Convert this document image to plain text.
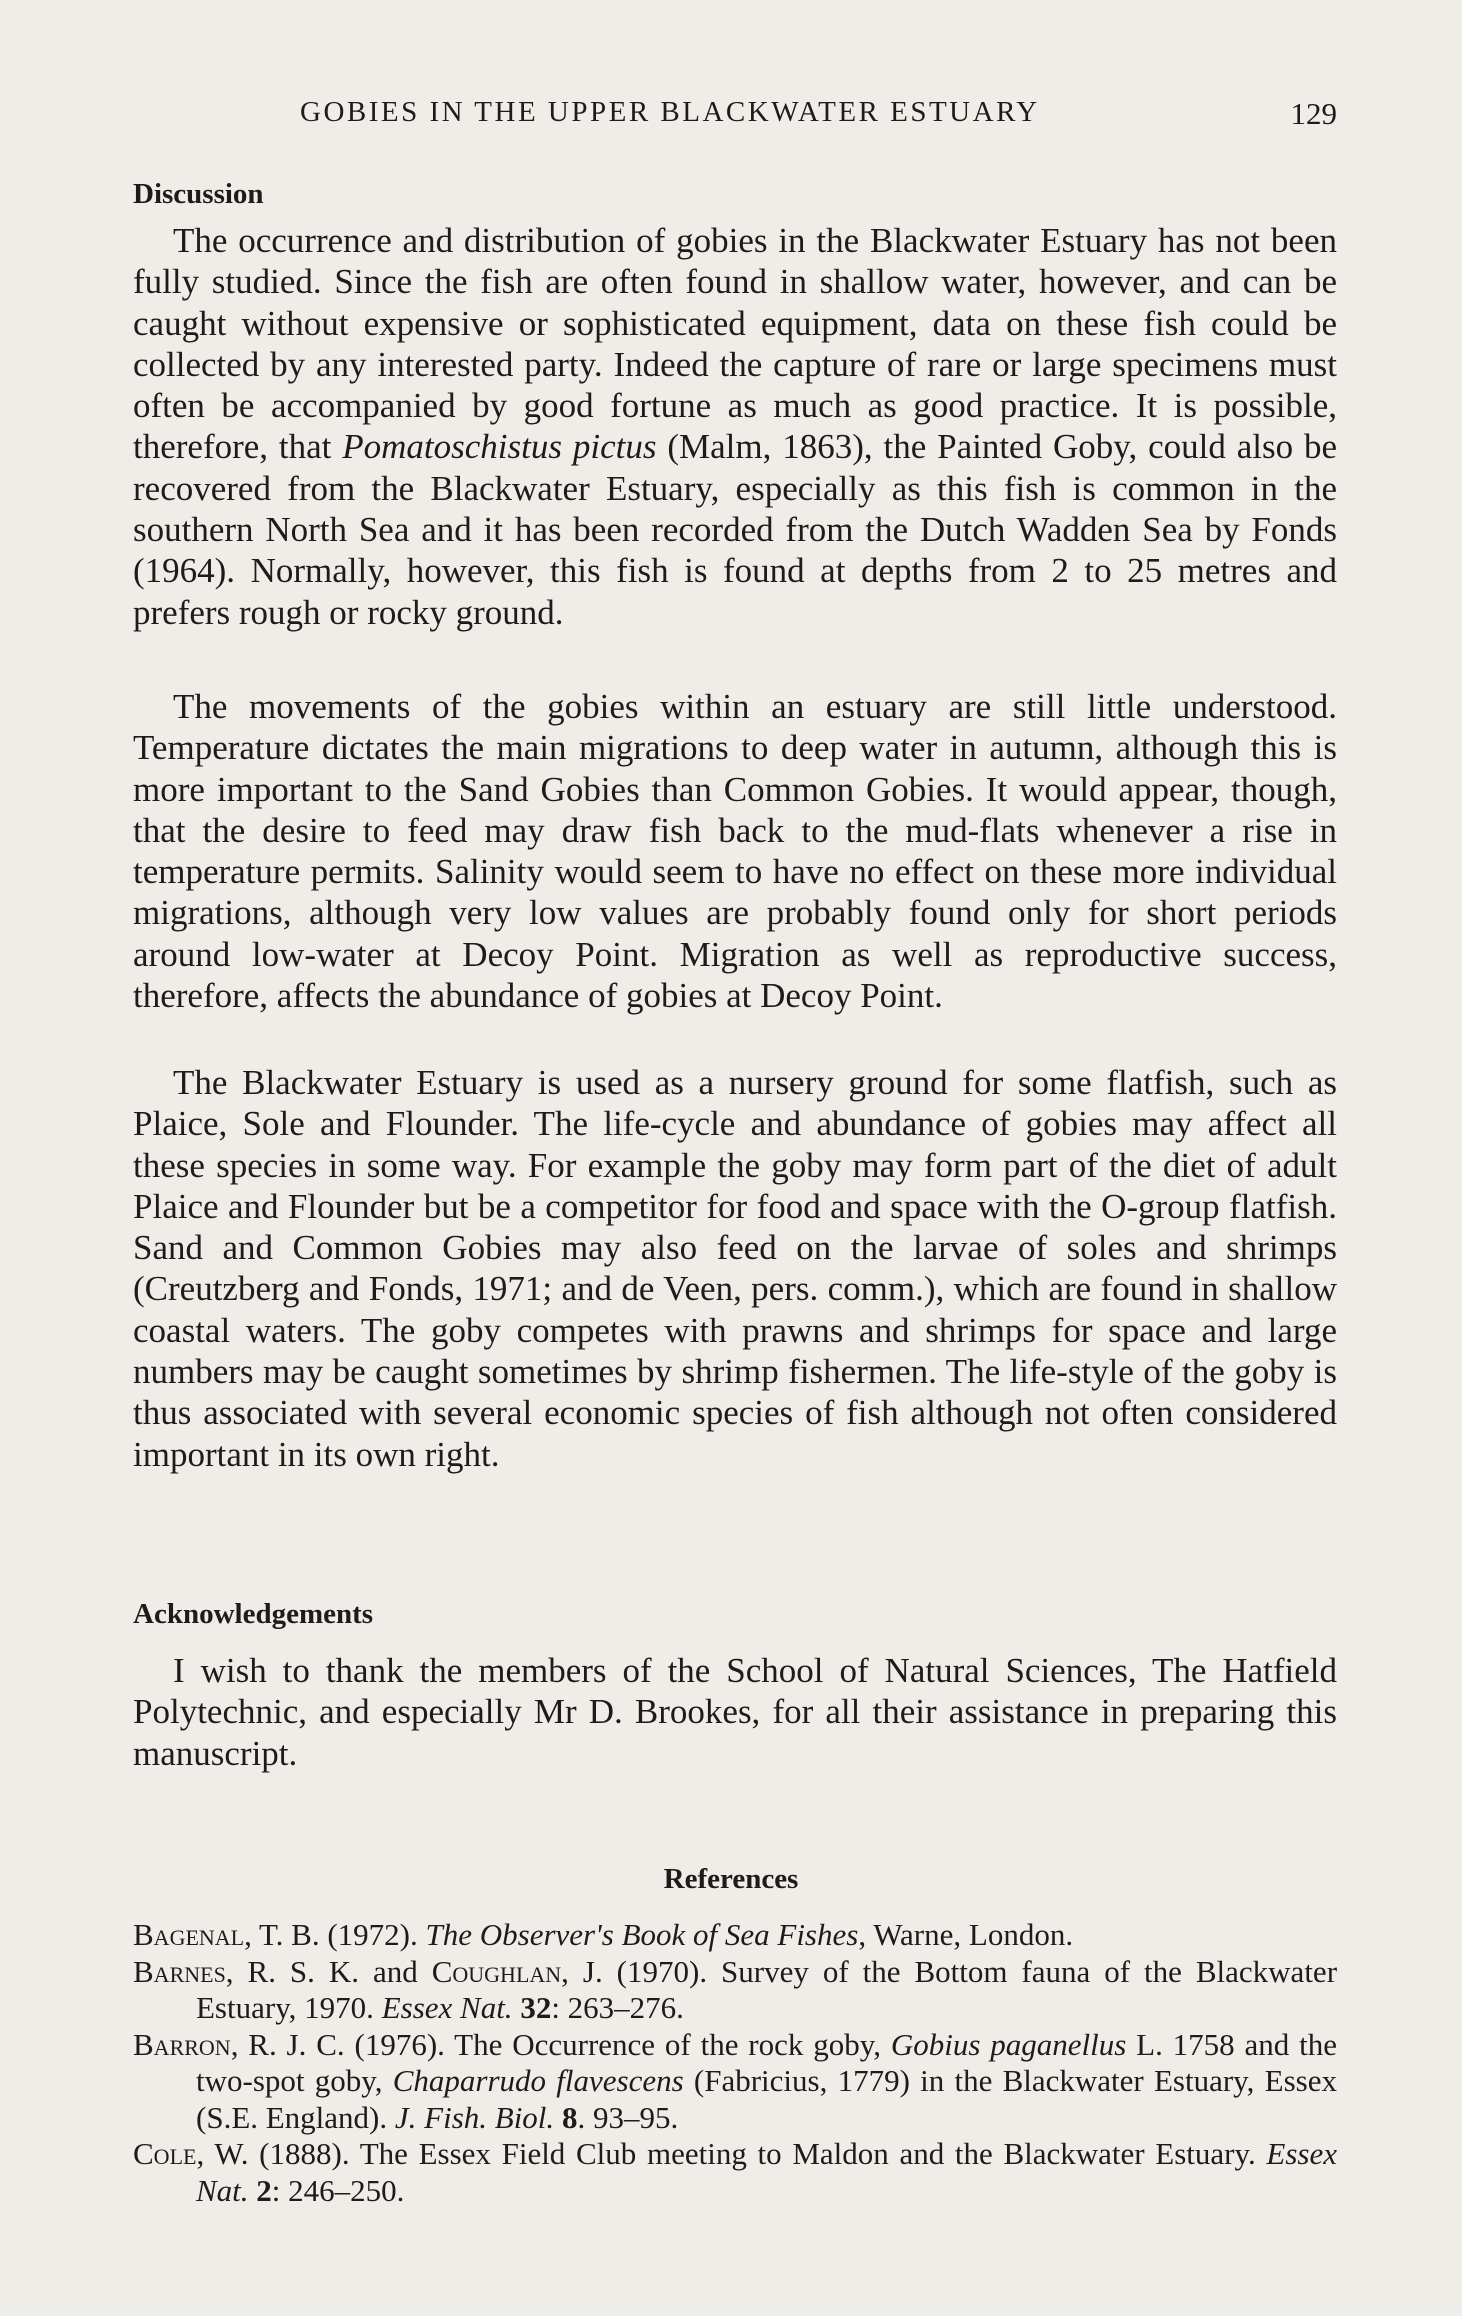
GOBIES IN THE UPPER BLACKWATER ESTUARY	129
Discussion

The occurrence and distribution of gobies in the Blackwater Estuary has not been fully studied. Since the fish are often found in shallow water, however, and can be caught without expensive or sophisticated equipment, data on these fish could be collected by any interested party. Indeed the capture of rare or large specimens must often be accompanied by good fortune as much as good practice. It is possible, therefore, that Pomatoschistus pictus (Malm, 1863), the Painted Goby, could also be recovered from the Blackwater Estuary, especially as this fish is common in the southern North Sea and it has been recorded from the Dutch Wadden Sea by Fonds (1964). Normally, however, this fish is found at depths from 2 to 25 metres and prefers rough or rocky ground.

The movements of the gobies within an estuary are still little understood. Temperature dictates the main migrations to deep water in autumn, although this is more important to the Sand Gobies than Common Gobies. It would appear, though, that the desire to feed may draw fish back to the mud-flats whenever a rise in temperature permits. Salinity would seem to have no effect on these more individual migrations, although very low values are probably found only for short periods around low-water at Decoy Point. Migration as well as reproductive success, therefore, affects the abundance of gobies at Decoy Point.

The Blackwater Estuary is used as a nursery ground for some flatfish, such as Plaice, Sole and Flounder. The life-cycle and abundance of gobies may affect all these species in some way. For example the goby may form part of the diet of adult Plaice and Flounder but be a competitor for food and space with the O-group flatfish. Sand and Common Gobies may also feed on the larvae of soles and shrimps (Creutzberg and Fonds, 1971; and de Veen, pers. comm.), which are found in shallow coastal waters. The goby competes with prawns and shrimps for space and large numbers may be caught sometimes by shrimp fishermen. The life-style of the goby is thus associated with several economic species of fish although not often considered important in its own right.

Acknowledgements

I wish to thank the members of the School of Natural Sciences, The Hatfield Polytechnic, and especially Mr D. Brookes, for all their assistance in preparing this manuscript.

References

Bagenal, T. B. (1972). The Observer's Book of Sea Fishes, Warne, London.

Barnes, R. S. K. and Coughlan, J. (1970). Survey of the Bottom fauna of the Blackwater Estuary, 1970. Essex Nat. 32: 263–276.

Barron, R. J. C. (1976). The Occurrence of the rock goby, Gobius paganellus L. 1758 and the two-spot goby, Chaparrudo flavescens (Fabricius, 1779) in the Blackwater Estuary, Essex (S.E. England). J. Fish. Biol. 8. 93–95.

Cole, W. (1888). The Essex Field Club meeting to Maldon and the Blackwater Estuary. Essex Nat. 2: 246–250.
